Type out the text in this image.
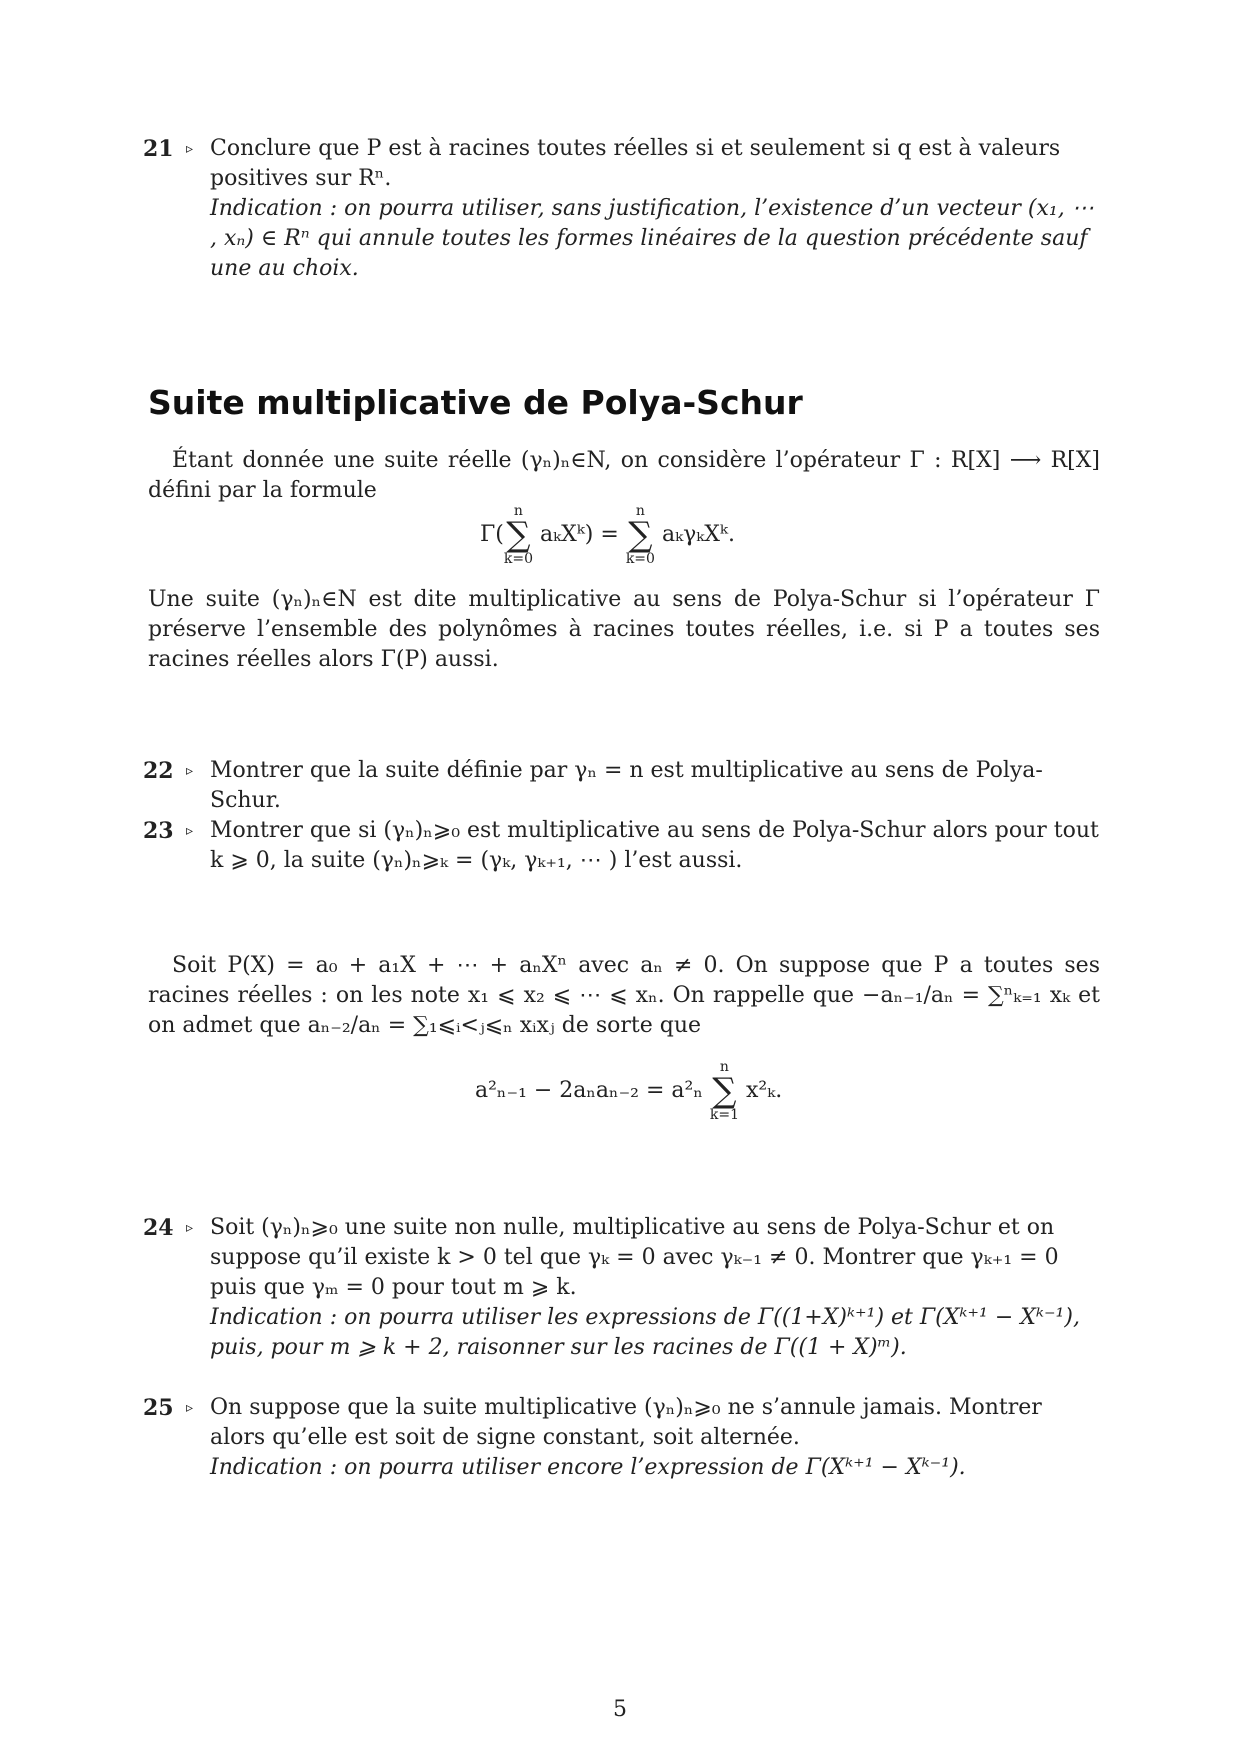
21 ▹ Conclure que P est à racines toutes réelles si et seulement si q est à valeurs positives sur Rⁿ.
Indication : on pourra utiliser, sans justification, l’existence d’un vecteur (x₁, ⋯ , xₙ) ∈ Rⁿ qui annule toutes les formes linéaires de la question précédente sauf une au choix.
Suite multiplicative de Polya-Schur
Étant donnée une suite réelle (γₙ)ₙ∈N, on considère l’opérateur Γ : R[X] ⟶ R[X] défini par la formule
Γ(
n
∑
k=0
aₖXᵏ) =
n
∑
k=0
aₖγₖXᵏ.
Une suite (γₙ)ₙ∈N est dite multiplicative au sens de Polya-Schur si l’opérateur Γ préserve l’ensemble des polynômes à racines toutes réelles, i.e. si P a toutes ses racines réelles alors Γ(P) aussi.
22 ▹ Montrer que la suite définie par γₙ = n est multiplicative au sens de Polya-Schur.
23 ▹ Montrer que si (γₙ)ₙ⩾₀ est multiplicative au sens de Polya-Schur alors pour tout k ⩾ 0, la suite (γₙ)ₙ⩾ₖ = (γₖ, γₖ₊₁, ⋯ ) l’est aussi.
Soit P(X) = a₀ + a₁X + ⋯ + aₙXⁿ avec aₙ ≠ 0. On suppose que P a toutes ses racines réelles : on les note x₁ ⩽ x₂ ⩽ ⋯ ⩽ xₙ. On rappelle que −aₙ₋₁/aₙ = ∑ⁿₖ₌₁ xₖ et on admet que aₙ₋₂/aₙ = ∑₁⩽ᵢ<ⱼ⩽ₙ xᵢxⱼ de sorte que
a²ₙ₋₁ − 2aₙaₙ₋₂ = a²ₙ
n
∑
k=1
x²ₖ.
24 ▹ Soit (γₙ)ₙ⩾₀ une suite non nulle, multiplicative au sens de Polya-Schur et on suppose qu’il existe k > 0 tel que γₖ = 0 avec γₖ₋₁ ≠ 0. Montrer que γₖ₊₁ = 0 puis que γₘ = 0 pour tout m ⩾ k.
Indication : on pourra utiliser les expressions de Γ((1+X)ᵏ⁺¹) et Γ(Xᵏ⁺¹ − Xᵏ⁻¹), puis, pour m ⩾ k + 2, raisonner sur les racines de Γ((1 + X)ᵐ).
25 ▹ On suppose que la suite multiplicative (γₙ)ₙ⩾₀ ne s’annule jamais. Montrer alors qu’elle est soit de signe constant, soit alternée.
Indication : on pourra utiliser encore l’expression de Γ(Xᵏ⁺¹ − Xᵏ⁻¹).
5
